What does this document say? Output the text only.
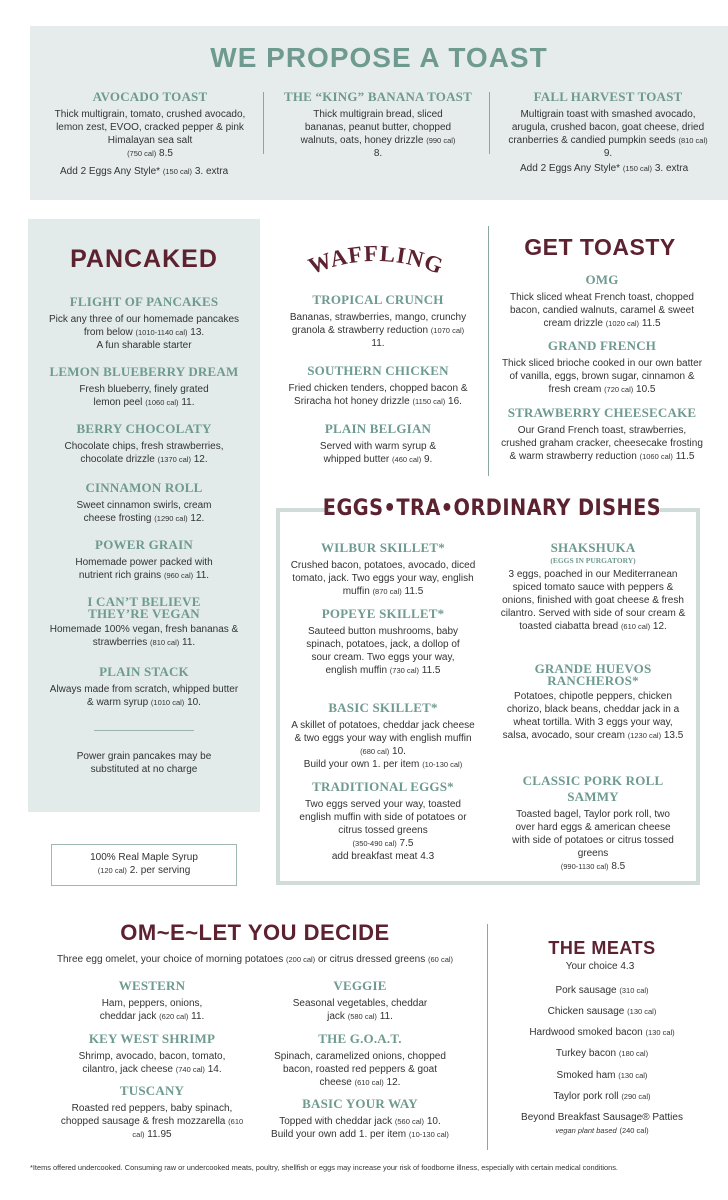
WE PROPOSE A TOAST
AVOCADO TOAST
Thick multigrain, tomato, crushed avocado, lemon zest, EVOO, cracked pepper & pink Himalayan sea salt
(750 cal) 8.5
Add 2 Eggs Any Style* (150 cal) 3. extra
THE “KING” BANANA TOAST
Thick multigrain bread, sliced bananas, peanut butter, chopped walnuts, oats, honey drizzle (990 cal) 8.
FALL HARVEST TOAST
Multigrain toast with smashed avocado, arugula, crushed bacon, goat cheese, dried cranberries & candied pumpkin seeds (810 cal) 9.
Add 2 Eggs Any Style* (150 cal) 3. extra
PANCAKED
FLIGHT OF PANCAKES
Pick any three of our homemade pancakes from below (1010-1140 cal) 13.
A fun sharable starter
LEMON BLUEBERRY DREAM
Fresh blueberry, finely grated lemon peel (1060 cal) 11.
BERRY CHOCOLATY
Chocolate chips, fresh strawberries, chocolate drizzle (1370 cal) 12.
CINNAMON ROLL
Sweet cinnamon swirls, cream cheese frosting (1290 cal) 12.
POWER GRAIN
Homemade power packed with nutrient rich grains (960 cal) 11.
I CAN’T BELIEVE
THEY’RE VEGAN
Homemade 100% vegan, fresh bananas & strawberries (810 cal) 11.
PLAIN STACK
Always made from scratch, whipped butter & warm syrup (1010 cal) 10.
Power grain pancakes may be substituted at no charge
100% Real Maple Syrup
(120 cal) 2. per serving
WAFFLING
TROPICAL CRUNCH
Bananas, strawberries, mango, crunchy granola & strawberry reduction (1070 cal) 11.
SOUTHERN CHICKEN
Fried chicken tenders, chopped bacon & Sriracha hot honey drizzle (1150 cal) 16.
PLAIN BELGIAN
Served with warm syrup & whipped butter (460 cal) 9.
GET TOASTY
OMG
Thick sliced wheat French toast, chopped bacon, candied walnuts, caramel & sweet cream drizzle (1020 cal) 11.5
GRAND FRENCH
Thick sliced brioche cooked in our own batter of vanilla, eggs, brown sugar, cinnamon & fresh cream (720 cal) 10.5
STRAWBERRY CHEESECAKE
Our Grand French toast, strawberries, crushed graham cracker, cheesecake frosting & warm strawberry reduction (1060 cal) 11.5
EGGS•TRA•ORDINARY DISHES
WILBUR SKILLET*
Crushed bacon, potatoes, avocado, diced tomato, jack. Two eggs your way, english muffin (870 cal) 11.5
POPEYE SKILLET*
Sauteed button mushrooms, baby spinach, potatoes, jack, a dollop of sour cream. Two eggs your way, english muffin (730 cal) 11.5
BASIC SKILLET*
A skillet of potatoes, cheddar jack cheese & two eggs your way with english muffin (680 cal) 10.
Build your own 1. per item (10-130 cal)
TRADITIONAL EGGS*
Two eggs served your way, toasted english muffin with side of potatoes or citrus tossed greens
(350-490 cal) 7.5
add breakfast meat 4.3
SHAKSHUKA
(EGGS IN PURGATORY)
3 eggs, poached in our Mediterranean spiced tomato sauce with peppers & onions, finished with goat cheese & fresh cilantro. Served with side of sour cream & toasted ciabatta bread (610 cal) 12.
GRANDE HUEVOS
RANCHEROS*
Potatoes, chipotle peppers, chicken chorizo, black beans, cheddar jack in a wheat tortilla. With 3 eggs your way, salsa, avocado, sour cream (1230 cal) 13.5
CLASSIC PORK ROLL SAMMY
Toasted bagel, Taylor pork roll, two over hard eggs & american cheese with side of potatoes or citrus tossed greens
(990-1130 cal) 8.5
OM~E~LET YOU DECIDE
Three egg omelet, your choice of morning potatoes (200 cal) or citrus dressed greens (60 cal)
WESTERN
Ham, peppers, onions, cheddar jack (620 cal) 11.
KEY WEST SHRIMP
Shrimp, avocado, bacon, tomato, cilantro, jack cheese (740 cal) 14.
TUSCANY
Roasted red peppers, baby spinach, chopped sausage & fresh mozzarella (610 cal) 11.95
VEGGIE
Seasonal vegetables, cheddar jack (580 cal) 11.
THE G.O.A.T.
Spinach, caramelized onions, chopped bacon, roasted red peppers & goat cheese (610 cal) 12.
BASIC YOUR WAY
Topped with cheddar jack (560 cal) 10.
Build your own add 1. per item (10-130 cal)
THE MEATS
Your choice 4.3
Pork sausage (310 cal)
Chicken sausage (130 cal)
Hardwood smoked bacon (130 cal)
Turkey bacon (180 cal)
Smoked ham (130 cal)
Taylor pork roll (290 cal)
Beyond Breakfast Sausage® Patties
vegan plant based (240 cal)
*Items offered undercooked. Consuming raw or undercooked meats, poultry, shellfish or eggs may increase your risk of foodborne illness, especially with certain medical conditions.
